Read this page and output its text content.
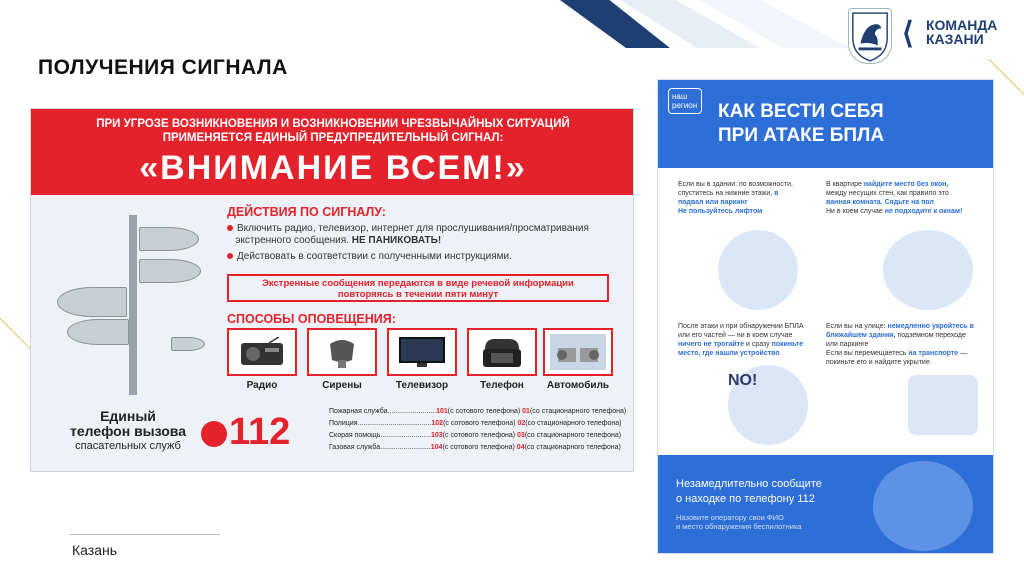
⟨ КОМАНДА
КАЗАНИ
ПОЛУЧЕНИЯ СИГНАЛА
ПРИ УГРОЗЕ ВОЗНИКНОВЕНИЯ И ВОЗНИКНОВЕНИИ ЧРЕЗВЫЧАЙНЫХ СИТУАЦИЙ
ПРИМЕНЯЕТСЯ ЕДИНЫЙ ПРЕДУПРЕДИТЕЛЬНЫЙ СИГНАЛ:
«ВНИМАНИЕ ВСЕМ!»
ДЕЙСТВИЯ ПО СИГНАЛУ:
Включить радио, телевизор, интернет для прослушивания/просматривания
экстренного сообщения. НЕ ПАНИКОВАТЬ!
Действовать в соответствии с полученными инструкциями.
Экстренные сообщения передаются в виде речевой информации
повторяясь в течении пяти минут
СПОСОБЫ ОПОВЕЩЕНИЯ:
Радио	Сирены	Телевизор	Телефон	Автомобиль
Единый
телефон вызова
спасательных служб	112	Пожарная служба.........................101(с сотового телефона) 01(со стационарного телефона)
Полиция......................................102(с сотового телефона) 02(со стационарного телефона)
Скорая помощь..........................103(с сотового телефона) 03(со стационарного телефона)
Газовая служба..........................104(с сотового телефона) 04(со стационарного телефона)
наш
регион КАК ВЕСТИ СЕБЯ
ПРИ АТАКЕ БПЛА
Если вы в здании: по возможности, спуститесь на нижние этажи, в подвал или паркинг
Не пользуйтесь лифтом
В квартире найдите место без окон, между несущих стен, как правило это ванная комната. Сядьте на пол
Ни в коем случае не подходите к окнам!
После атаки и при обнаружении БПЛА или его частей — ни в коем случае ничего не трогайте и сразу покиньте место, где нашли устройство
Если вы на улице: немедленно укройтесь в ближайшем здании, подземном переходе или паркинге
Если вы перемещаетесь на транспорте — покиньте его и найдите укрытие
NO!
Незамедлительно сообщите
о находке по телефону 112
Назовите оператору свои ФИО
и место обнаружения беспилотника
Казань
